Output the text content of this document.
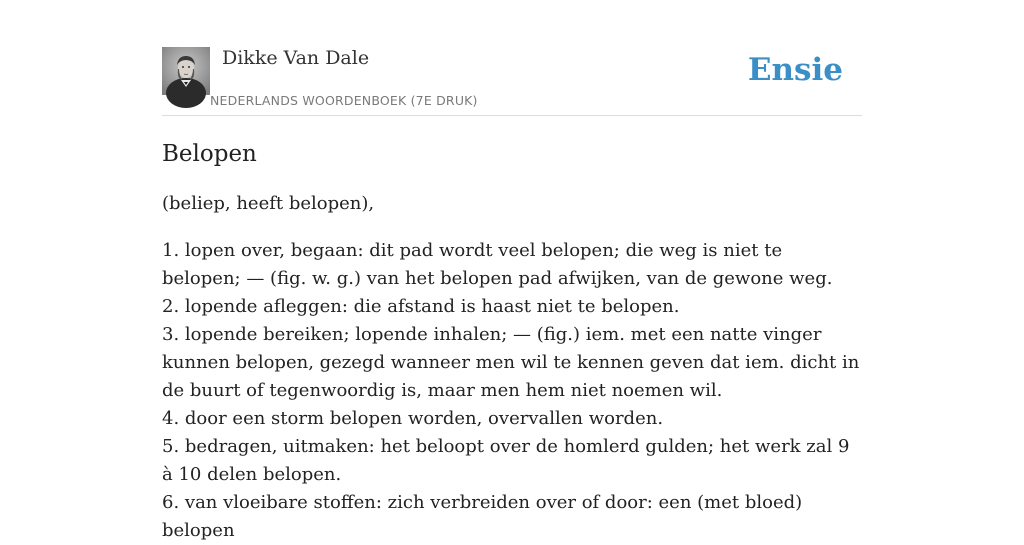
Dikke Van Dale
NEDERLANDS WOORDENBOEK (7E DRUK)
Ensie
Belopen

(beliep, heeft belopen),

1. lopen over, begaan: dit pad wordt veel belopen; die weg is niet te belopen; — (fig. w. g.) van het belopen pad afwijken, van de gewone weg.
2. lopende afleggen: die afstand is haast niet te belopen.
3. lopende bereiken; lopende inhalen; — (fig.) iem. met een natte vinger kunnen belopen, gezegd wanneer men wil te kennen geven dat iem. dicht in de buurt of tegenwoordig is, maar men hem niet noemen wil.
4. door een storm belopen worden, overvallen worden.
5. bedragen, uitmaken: het beloopt over de homlerd gulden; het werk zal 9 à 10 delen belopen.
6. van vloeibare stoffen: zich verbreiden over of door: een (met bloed) belopen
